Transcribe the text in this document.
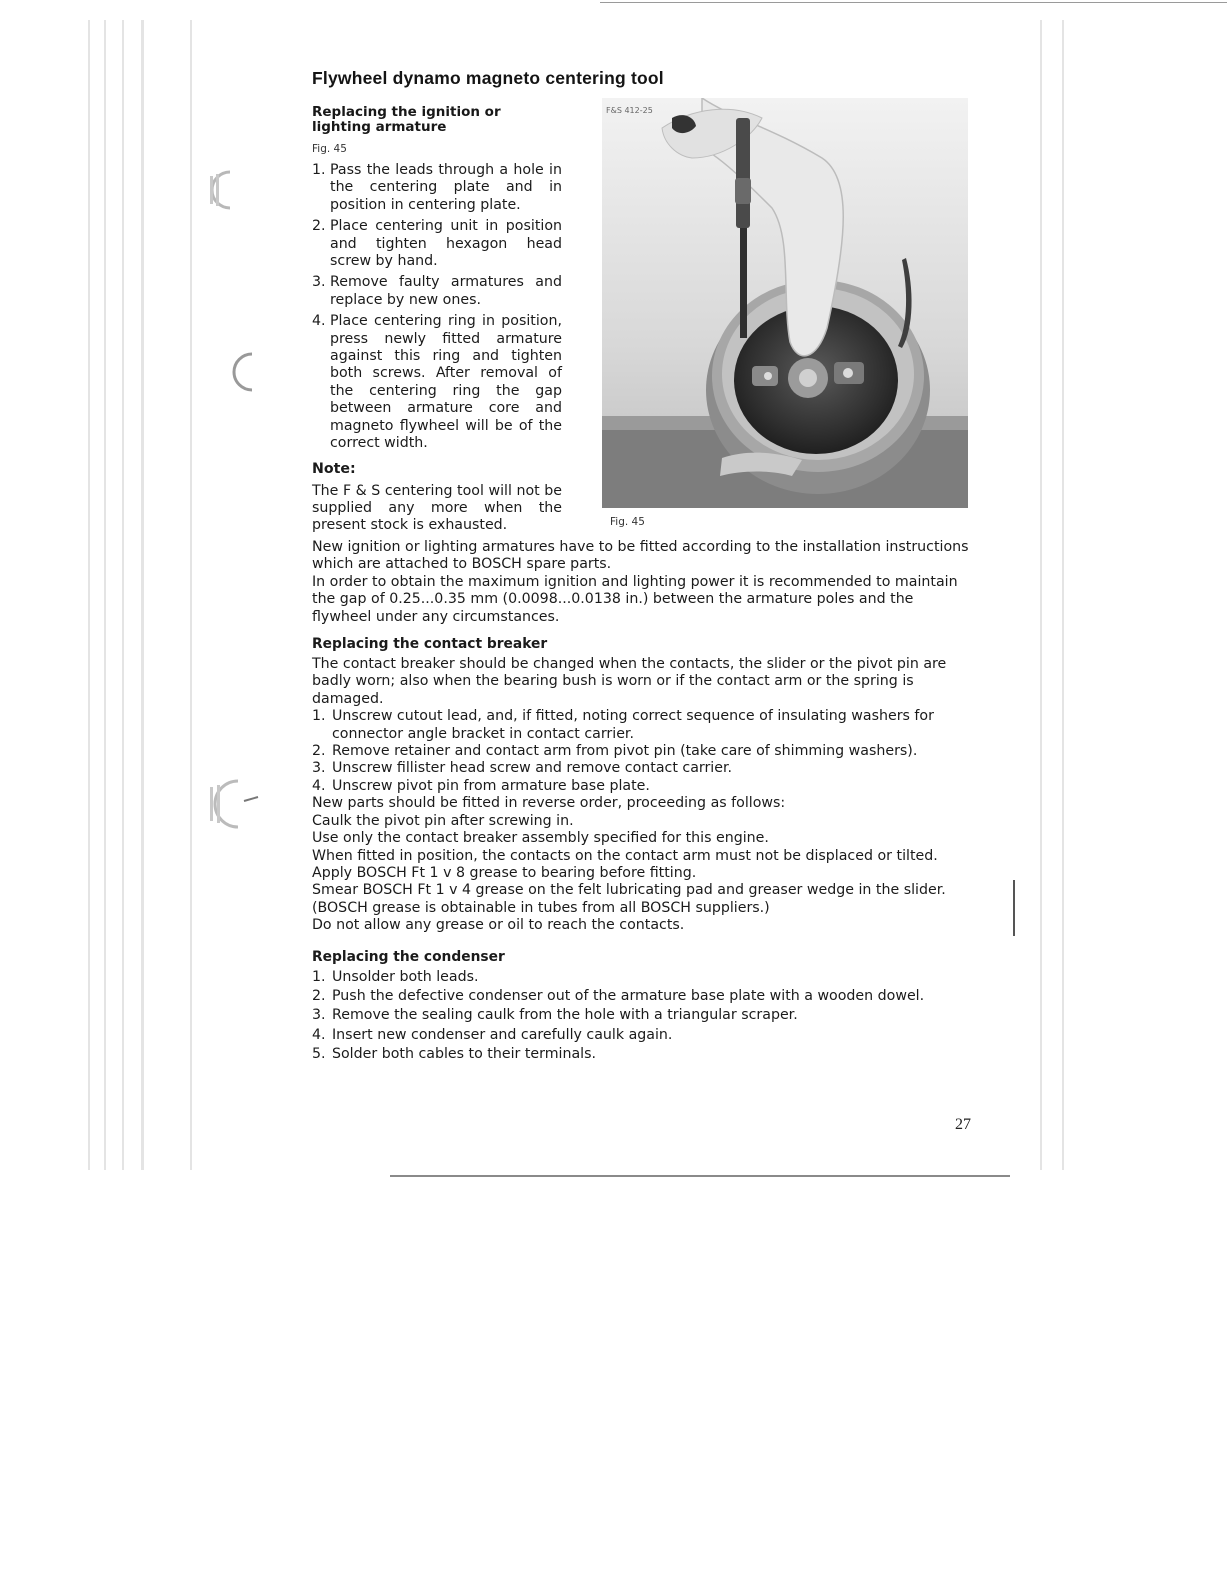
Flywheel dynamo magneto centering tool
Replacing the ignition or
lighting armature
Fig. 45
1. Pass the leads through a hole in the centering plate and in position in centering plate.
2. Place centering unit in position and tighten hexagon head screw by hand.
3. Remove faulty armatures and replace by new ones.
4. Place centering ring in position, press newly fitted armature against this ring and tighten both screws. After removal of the centering ring the gap between armature core and magneto flywheel will be of the correct width.
Note:
The F & S centering tool will not be supplied any more when the present stock is exhausted.
F&S 412-25
Fig. 45
New ignition or lighting armatures have to be fitted according to the installation instructions which are attached to BOSCH spare parts.
In order to obtain the maximum ignition and lighting power it is recommended to maintain the gap of 0.25...0.35 mm (0.0098...0.0138 in.) between the armature poles and the flywheel under any circumstances.
Replacing the contact breaker
The contact breaker should be changed when the contacts, the slider or the pivot pin are badly worn; also when the bearing bush is worn or if the contact arm or the spring is damaged.
1. Unscrew cutout lead, and, if fitted, noting correct sequence of insulating washers for connector angle bracket in contact carrier.
2. Remove retainer and contact arm from pivot pin (take care of shimming washers).
3. Unscrew fillister head screw and remove contact carrier.
4. Unscrew pivot pin from armature base plate.

New parts should be fitted in reverse order, proceeding as follows:

Caulk the pivot pin after screwing in.

Use only the contact breaker assembly specified for this engine.

When fitted in position, the contacts on the contact arm must not be displaced or tilted.

Apply BOSCH Ft 1 v 8 grease to bearing before fitting.

Smear BOSCH Ft 1 v 4 grease on the felt lubricating pad and greaser wedge in the slider. (BOSCH grease is obtainable in tubes from all BOSCH suppliers.)

Do not allow any grease or oil to reach the contacts.

Replacing the condenser
1. Unsolder both leads.
2. Push the defective condenser out of the armature base plate with a wooden dowel.
3. Remove the sealing caulk from the hole with a triangular scraper.
4. Insert new condenser and carefully caulk again.
5. Solder both cables to their terminals.
27
